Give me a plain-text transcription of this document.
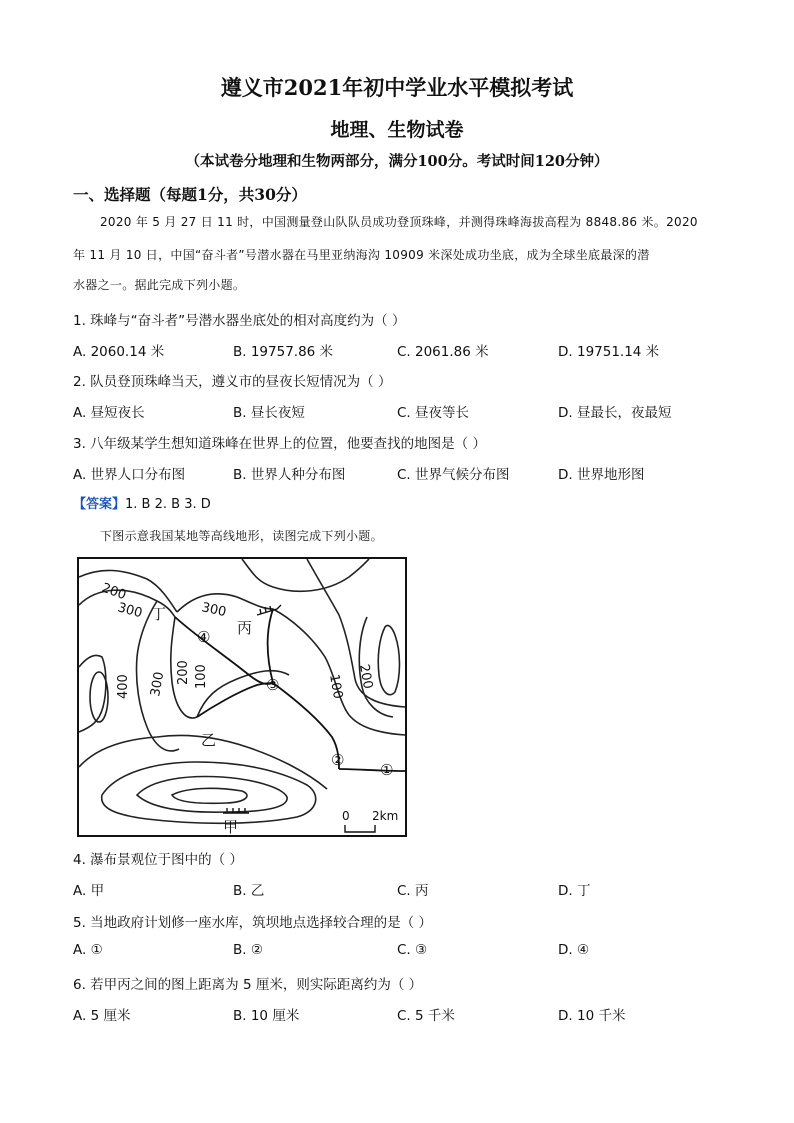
遵义市2021年初中学业水平模拟考试
地理、生物试卷
（本试卷分地理和生物两部分，满分100分。考试时间120分钟）
一、选择题（每题1分，共30分）
2020 年 5 月 27 日 11 时，中国测量登山队队员成功登顶珠峰，并测得珠峰海拔高程为 8848.86 米。2020
年 11 月 10 日，中国“奋斗者”号潜水器在马里亚纳海沟 10909 米深处成功坐底，成为全球坐底最深的潜
水器之一。据此完成下列小题。
1. 珠峰与“奋斗者”号潜水器坐底处的相对高度约为（ ）
A. 2060.14 米	B. 19757.86 米	C. 2061.86 米	D. 19751.14 米
2. 队员登顶珠峰当天，遵义市的昼夜长短情况为（ ）
A. 昼短夜长	B. 昼长夜短	C. 昼夜等长	D. 昼最长，夜最短
3. 八年级某学生想知道珠峰在世界上的位置，他要查找的地图是（ ）
A. 世界人口分布图	B. 世界人种分布图	C. 世界气候分布图	D. 世界地形图
【答案】1. B 2. B 3. D
下图示意我国某地等高线地形，读图完成下列小题。
200
300	300
200 100
300
400	100 200
丁
丙
乙
甲
④
③
②
①
0 2km
4. 瀑布景观位于图中的（ ）
A. 甲	B. 乙	C. 丙	D. 丁
5. 当地政府计划修一座水库，筑坝地点选择较合理的是（ ）
A. ①	B. ②	C. ③	D. ④
6. 若甲丙之间的图上距离为 5 厘米，则实际距离约为（ ）
A. 5 厘米	B. 10 厘米	C. 5 千米	D. 10 千米
